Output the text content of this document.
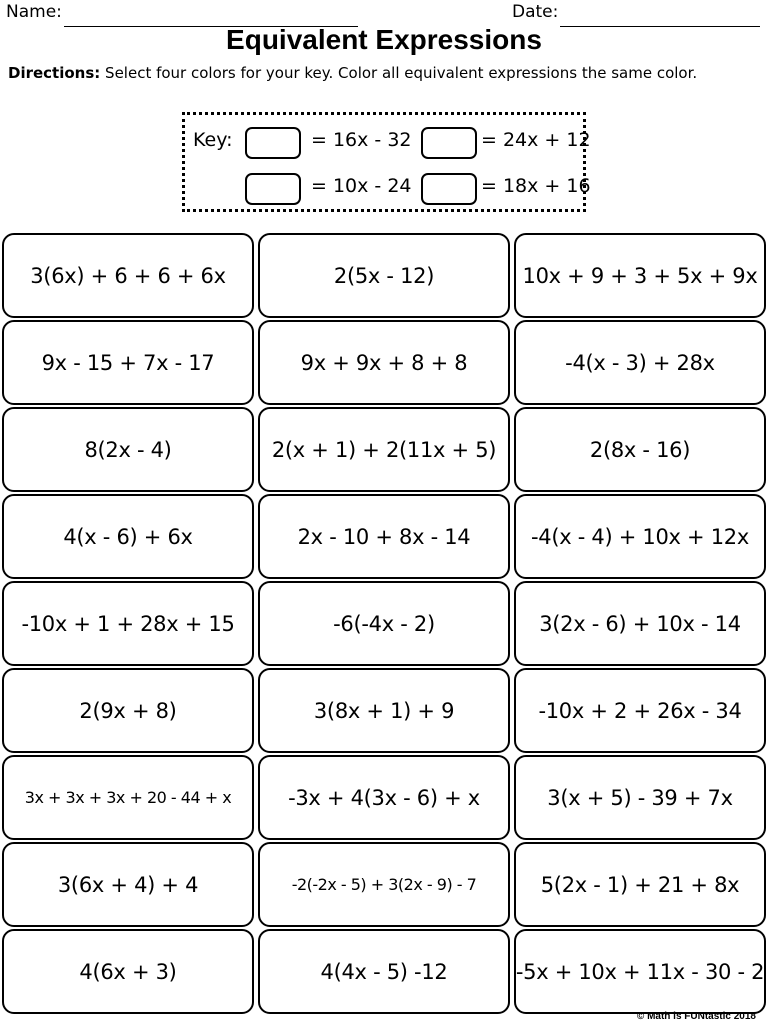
Name:	Date:
Equivalent Expressions
Directions: Select four colors for your key. Color all equivalent expressions the same color.
Key:	= 16x - 32	= 24x + 12
= 10x - 24	= 18x + 16
3(6x) + 6 + 6 + 6x	2(5x - 12)	10x + 9 + 3 + 5x + 9x
9x - 15 + 7x - 17	9x + 9x + 8 + 8	-4(x - 3) + 28x
8(2x - 4)	2(x + 1) + 2(11x + 5)	2(8x - 16)
4(x - 6) + 6x	2x - 10 + 8x - 14	-4(x - 4) + 10x + 12x
-10x + 1 + 28x + 15	-6(-4x - 2)	3(2x - 6) + 10x - 14
2(9x + 8)	3(8x + 1) + 9	-10x + 2 + 26x - 34
3x + 3x + 3x + 20 - 44 + x	-3x + 4(3x - 6) + x	3(x + 5) - 39 + 7x
3(6x + 4) + 4	-2(-2x - 5) + 3(2x - 9) - 7	5(2x - 1) + 21 + 8x
4(6x + 3)	4(4x - 5) -12	-5x + 10x + 11x - 30 - 2
© Math is FUNtastic 2018
